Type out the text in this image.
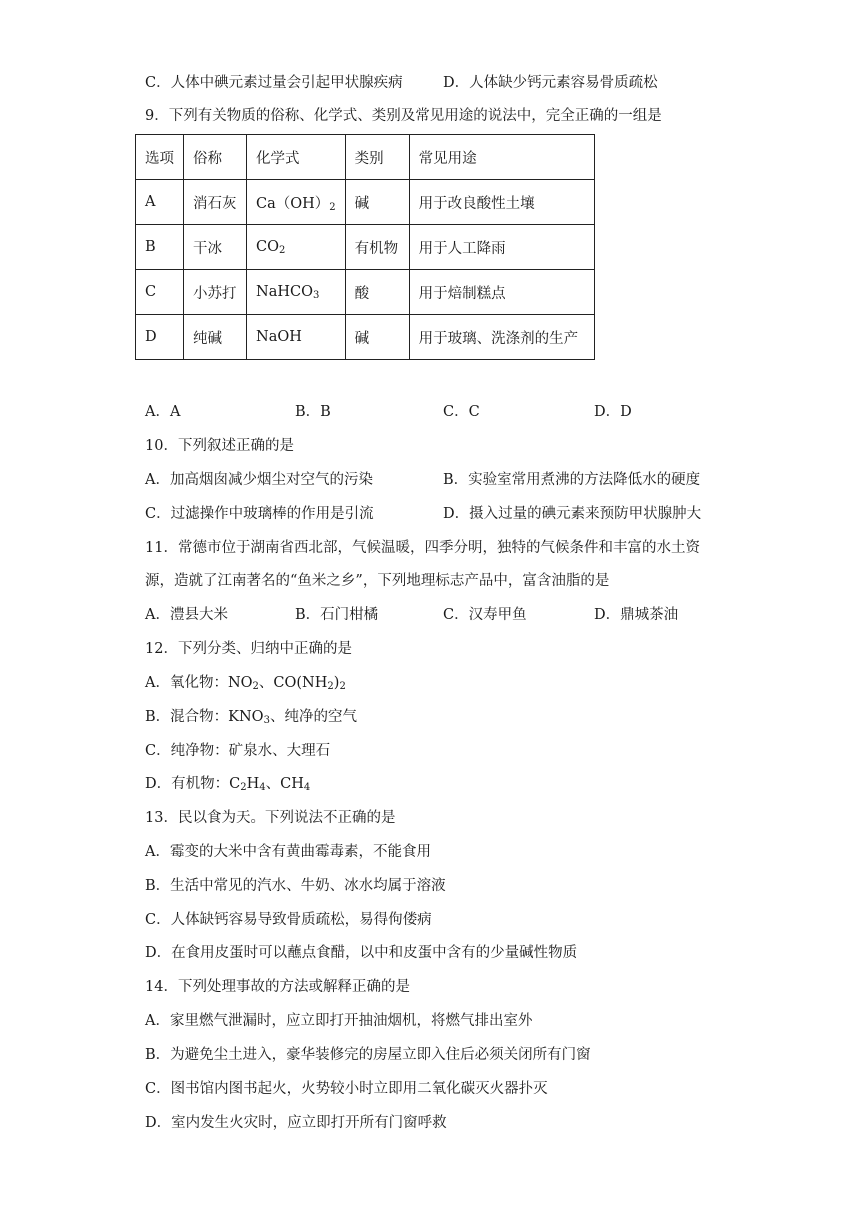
C．人体中碘元素过量会引起甲状腺疾病	D．人体缺少钙元素容易骨质疏松
9．下列有关物质的俗称、化学式、类别及常见用途的说法中，完全正确的一组是
选项	俗称	化学式	类别	常见用途
A	消石灰	$Ca(OH)_2$	碱	用于改良酸性土壤
B	干冰	$CO_2$	有机物	用于人工降雨
C	小苏打	NaHCO$_3$	酸	用于焙制糕点
D	纯碱	NaOH	碱	用于玻璃、洗涤剂的生产
A．A	B．B	C．C	D．D
10．下列叙述正确的是
A．加高烟囱减少烟尘对空气的污染	B．实验室常用煮沸的方法降低水的硬度
C．过滤操作中玻璃棒的作用是引流	D．摄入过量的碘元素来预防甲状腺肿大
11．常德市位于湖南省西北部，气候温暖，四季分明，独特的气候条件和丰富的水土资
源，造就了江南著名的“鱼米之乡”，下列地理标志产品中，富含油脂的是
A．澧县大米	B．石门柑橘	C．汉寿甲鱼	D．鼎城茶油
12．下列分类、归纳中正确的是
A．氧化物：$NO_2$、$CO(NH_2)_2$
B．混合物：$KNO_3$、纯净的空气
C．纯净物：矿泉水、大理石
D．有机物：$C_2H_4$、$CH_4$
13．民以食为天。下列说法不正确的是
A．霉变的大米中含有黄曲霉毒素，不能食用
B．生活中常见的汽水、牛奶、冰水均属于溶液
C．人体缺钙容易导致骨质疏松，易得佝偻病
D．在食用皮蛋时可以蘸点食醋，以中和皮蛋中含有的少量碱性物质
14．下列处理事故的方法或解释正确的是
A．家里燃气泄漏时，应立即打开抽油烟机，将燃气排出室外
B．为避免尘土进入，豪华装修完的房屋立即入住后必须关闭所有门窗
C．图书馆内图书起火，火势较小时立即用二氧化碳灭火器扑灭
D．室内发生火灾时，应立即打开所有门窗呼救
